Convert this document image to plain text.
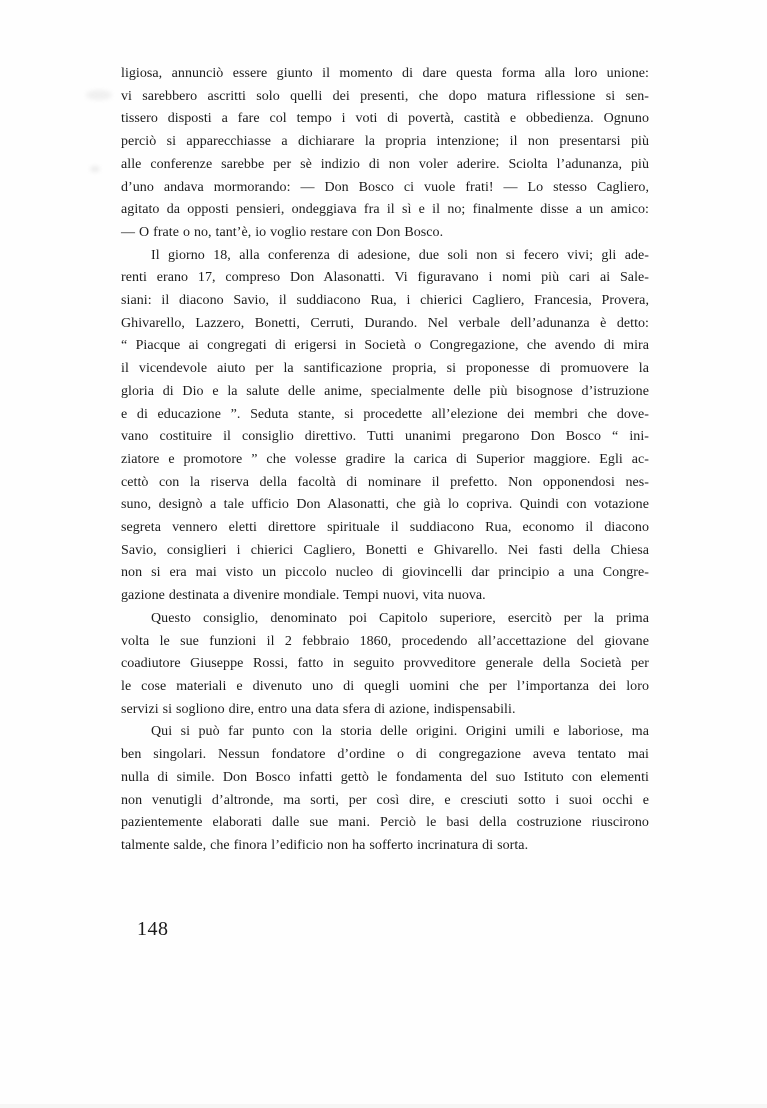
ligiosa, annunciò essere giunto il momento di dare questa forma alla loro unione:
vi sarebbero ascritti solo quelli dei presenti, che dopo matura riflessione si sen-
tissero disposti a fare col tempo i voti di povertà, castità e obbedienza. Ognuno
perciò si apparecchiasse a dichiarare la propria intenzione; il non presentarsi più
alle conferenze sarebbe per sè indizio di non voler aderire. Sciolta l’adunanza, più
d’uno andava mormorando: — Don Bosco ci vuole frati! — Lo stesso Cagliero,
agitato da opposti pensieri, ondeggiava fra il sì e il no; finalmente disse a un amico:
— O frate o no, tant’è, io voglio restare con Don Bosco.
Il giorno 18, alla conferenza di adesione, due soli non si fecero vivi; gli ade-
renti erano 17, compreso Don Alasonatti. Vi figuravano i nomi più cari ai Sale-
siani: il diacono Savio, il suddiacono Rua, i chierici Cagliero, Francesia, Provera,
Ghivarello, Lazzero, Bonetti, Cerruti, Durando. Nel verbale dell’adunanza è detto:
“ Piacque ai congregati di erigersi in Società o Congregazione, che avendo di mira
il vicendevole aiuto per la santificazione propria, si proponesse di promuovere la
gloria di Dio e la salute delle anime, specialmente delle più bisognose d’istruzione
e di educazione ”. Seduta stante, si procedette all’elezione dei membri che dove-
vano costituire il consiglio direttivo. Tutti unanimi pregarono Don Bosco “ ini-
ziatore e promotore ” che volesse gradire la carica di Superior maggiore. Egli ac-
cettò con la riserva della facoltà di nominare il prefetto. Non opponendosi nes-
suno, designò a tale ufficio Don Alasonatti, che già lo copriva. Quindi con votazione
segreta vennero eletti direttore spirituale il suddiacono Rua, economo il diacono
Savio, consiglieri i chierici Cagliero, Bonetti e Ghivarello. Nei fasti della Chiesa
non si era mai visto un piccolo nucleo di giovincelli dar principio a una Congre-
gazione destinata a divenire mondiale. Tempi nuovi, vita nuova.
Questo consiglio, denominato poi Capitolo superiore, esercitò per la prima
volta le sue funzioni il 2 febbraio 1860, procedendo all’accettazione del giovane
coadiutore Giuseppe Rossi, fatto in seguito provveditore generale della Società per
le cose materiali e divenuto uno di quegli uomini che per l’importanza dei loro
servizi si sogliono dire, entro una data sfera di azione, indispensabili.
Qui si può far punto con la storia delle origini. Origini umili e laboriose, ma
ben singolari. Nessun fondatore d’ordine o di congregazione aveva tentato mai
nulla di simile. Don Bosco infatti gettò le fondamenta del suo Istituto con elementi
non venutigli d’altronde, ma sorti, per così dire, e cresciuti sotto i suoi occhi e
pazientemente elaborati dalle sue mani. Perciò le basi della costruzione riuscirono
talmente salde, che finora l’edificio non ha sofferto incrinatura di sorta.
148
